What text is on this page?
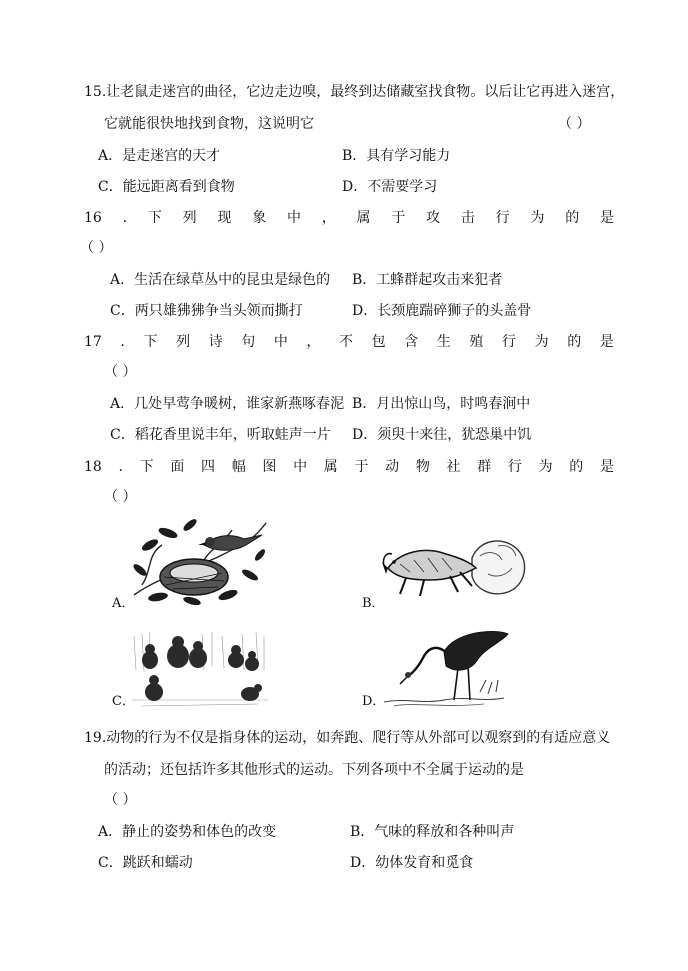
15.让老鼠走迷宫的曲径，它边走边嗅，最终到达储藏室找食物。以后让它再进入迷宫，
它就能很快地找到食物，这说明它	（ ）
A．是走迷宫的天才	B．具有学习能力
C．能远距离看到食物	D．不需要学习
16 . 下 列 现 象 中 ， 属 于 攻 击 行 为 的 是
（ ）
A．生活在绿草丛中的昆虫是绿色的 B．工蜂群起攻击来犯者
C．两只雄狒狒争当头领而撕打	D．长颈鹿踹碎狮子的头盖骨
17 . 下 列 诗 句 中 ， 不 包 含 生 殖 行 为 的 是
（ ）
A．几处早莺争暖树，谁家新燕啄春泥 B．月出惊山鸟，时鸣春涧中
C．稻花香里说丰年，听取蛙声一片 D．须臾十来往，犹恐巢中饥
18 . 下 面 四 幅 图 中 属 于 动 物 社 群 行 为 的 是
（ ）
A．	B．
C．	D．
19.动物的行为不仅是指身体的运动，如奔跑、爬行等从外部可以观察到的有适应意义
的活动；还包括许多其他形式的运动。下列各项中不全属于运动的是
（ ）
A．静止的姿势和体色的改变	B．气味的释放和各种叫声
C．跳跃和蠕动	D．幼体发育和觅食
